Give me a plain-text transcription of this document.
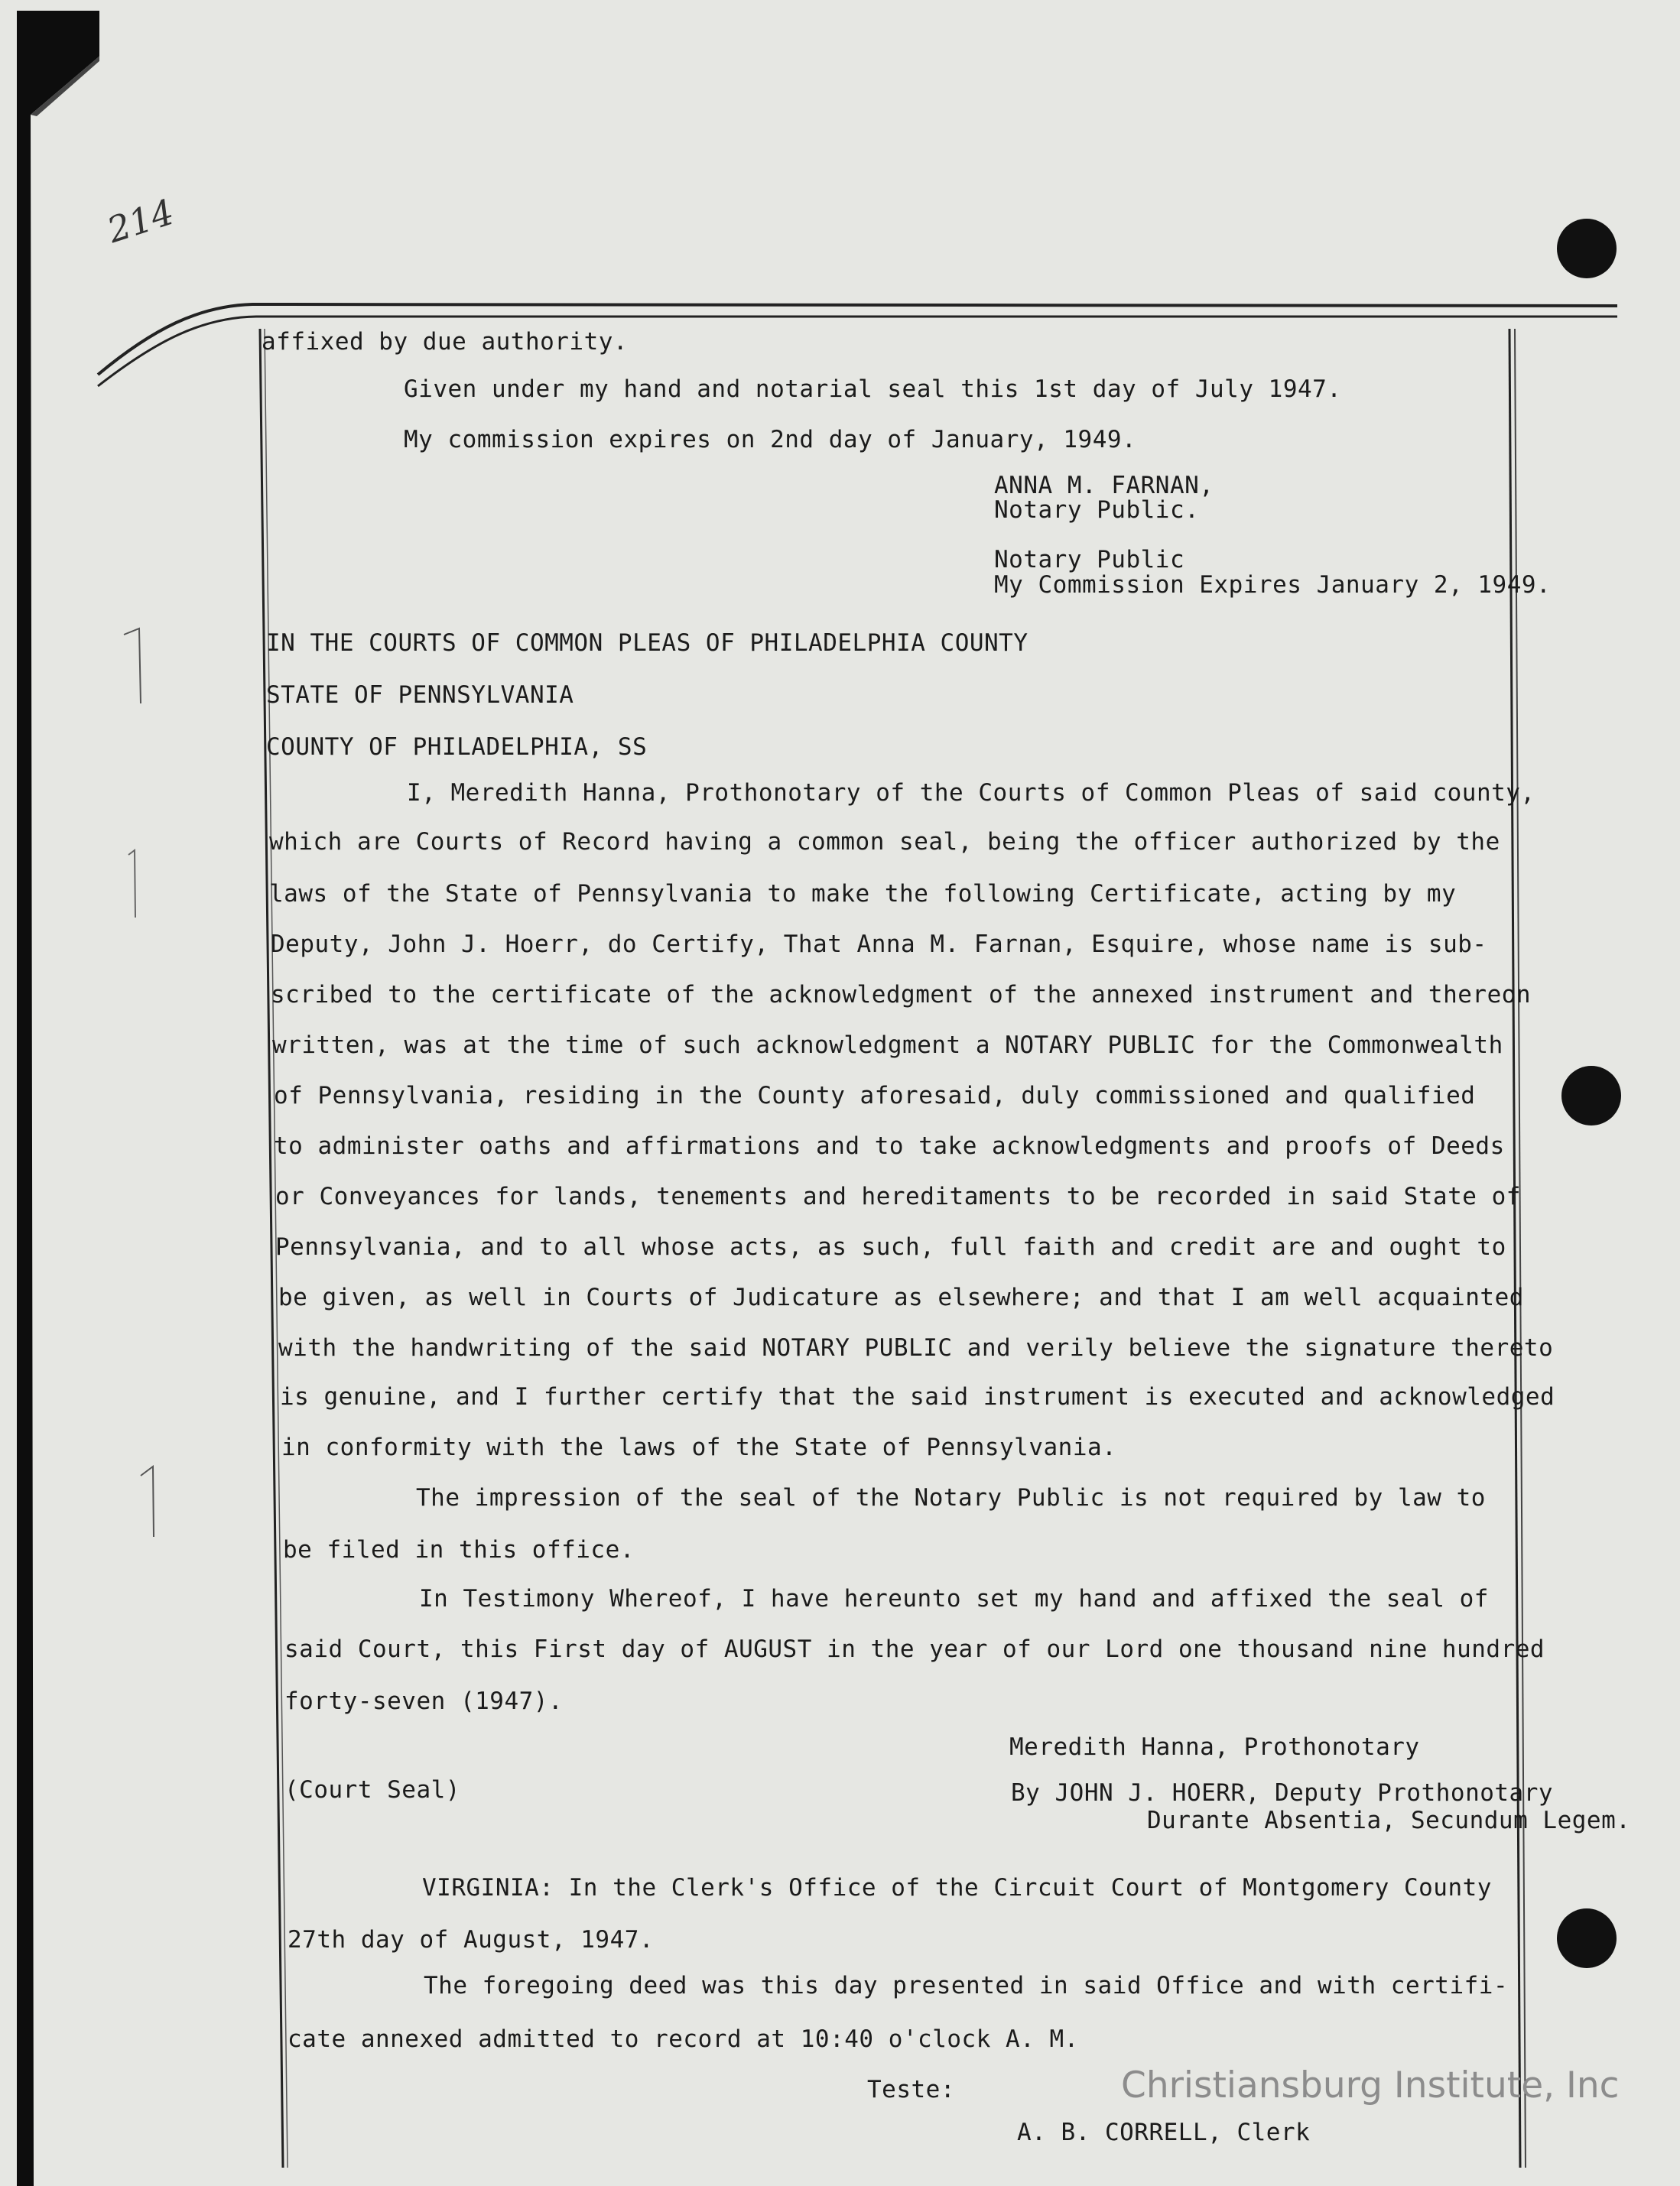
214
affixed by due authority.
Given under my hand and notarial seal this 1st day of July 1947.
My commission expires on 2nd day of January, 1949.
ANNA M. FARNAN,
Notary Public.
Notary Public
My Commission Expires January 2, 1949.
IN THE COURTS OF COMMON PLEAS OF PHILADELPHIA COUNTY
STATE OF PENNSYLVANIA
COUNTY OF PHILADELPHIA, SS
I, Meredith Hanna, Prothonotary of the Courts of Common Pleas of said county,
which are Courts of Record having a common seal, being the officer authorized by the
laws of the State of Pennsylvania to make the following Certificate, acting by my
Deputy, John J. Hoerr, do Certify, That Anna M. Farnan, Esquire, whose name is sub-
scribed to the certificate of the acknowledgment of the annexed instrument and thereon
written, was at the time of such acknowledgment a NOTARY PUBLIC for the Commonwealth
of Pennsylvania, residing in the County aforesaid, duly commissioned and qualified
to administer oaths and affirmations and to take acknowledgments and proofs of Deeds
or Conveyances for lands, tenements and hereditaments to be recorded in said State of
Pennsylvania, and to all whose acts, as such, full faith and credit are and ought to
be given, as well in Courts of Judicature as elsewhere; and that I am well acquainted
with the handwriting of the said NOTARY PUBLIC and verily believe the signature thereto
is genuine, and I further certify that the said instrument is executed and acknowledged
in conformity with the laws of the State of Pennsylvania.
The impression of the seal of the Notary Public is not required by law to
be filed in this office.
In Testimony Whereof, I have hereunto set my hand and affixed the seal of
said Court, this First day of AUGUST in the year of our Lord one thousand nine hundred
forty-seven (1947).
Meredith Hanna, Prothonotary
(Court Seal)	By JOHN J. HOERR, Deputy Prothonotary
Durante Absentia, Secundum Legem.
VIRGINIA: In the Clerk's Office of the Circuit Court of Montgomery County
27th day of August, 1947.
The foregoing deed was this day presented in said Office and with certifi-
cate annexed admitted to record at 10:40 o'clock A. M.
Teste:
A. B. CORRELL, Clerk
Christiansburg Institute, Inc
